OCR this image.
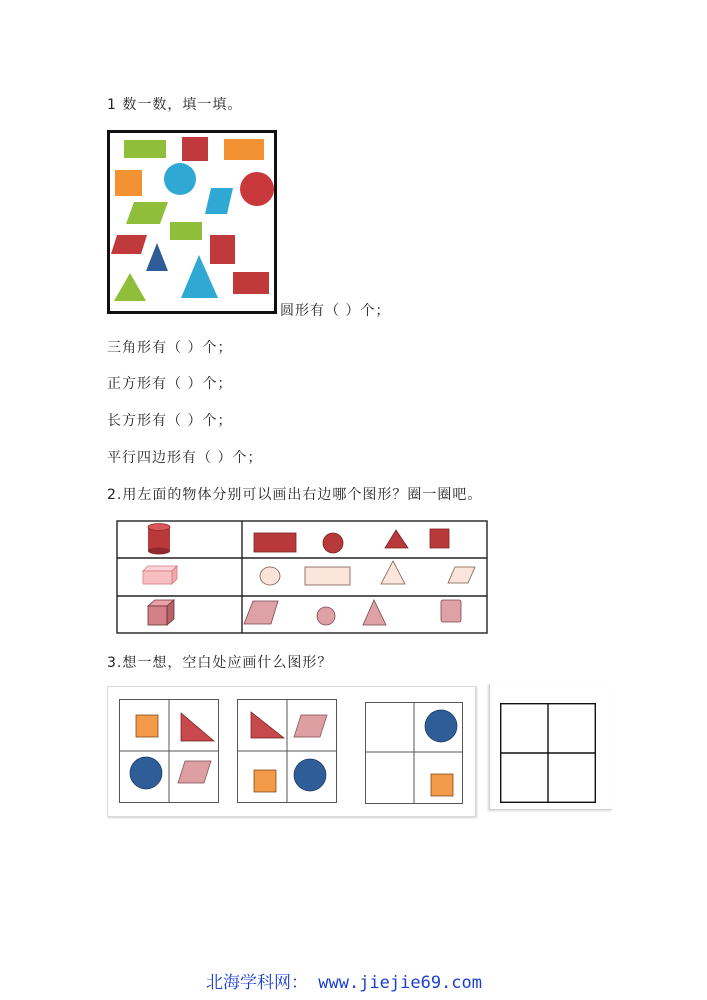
1 数一数，填一填。
圆形有（ ）个；
三角形有（ ）个；
正方形有（ ）个；
长方形有（ ）个；
平行四边形有（ ）个；
2.用左面的物体分别可以画出右边哪个图形？圈一圈吧。
3.想一想，空白处应画什么图形？
北海学科网： www.jiejie69.com
